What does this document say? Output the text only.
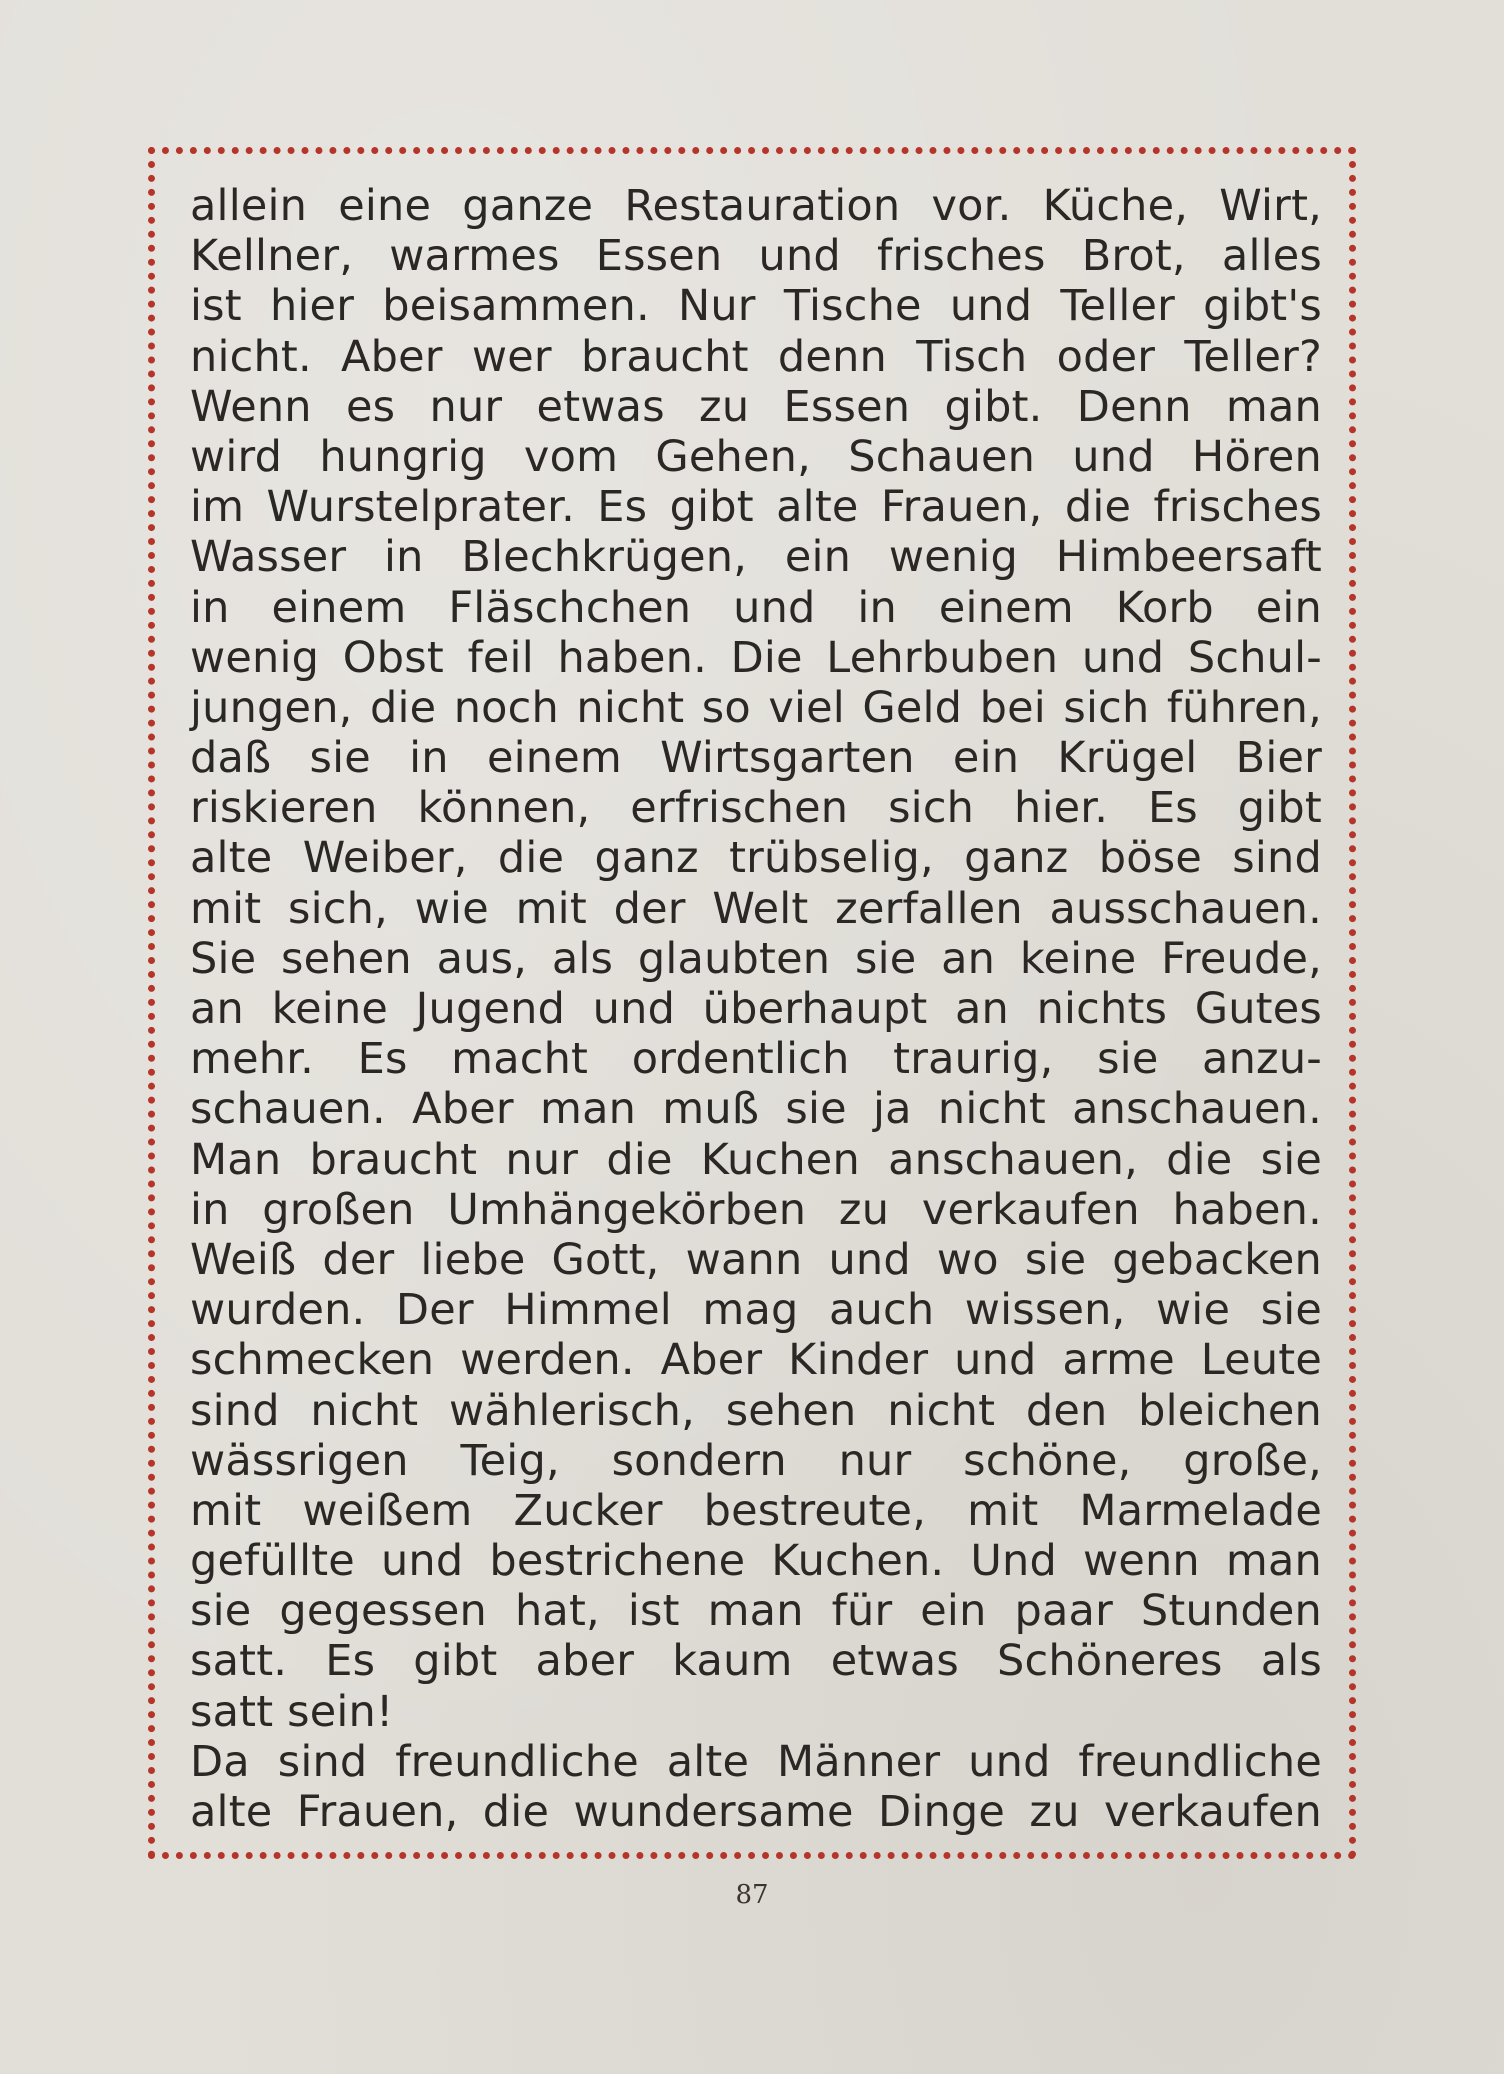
allein eine ganze Restauration vor. Küche, Wirt,
Kellner, warmes Essen und frisches Brot, alles
ist hier beisammen. Nur Tische und Teller gibt's
nicht. Aber wer braucht denn Tisch oder Teller?
Wenn es nur etwas zu Essen gibt. Denn man
wird hungrig vom Gehen, Schauen und Hören
im Wurstelprater. Es gibt alte Frauen, die frisches
Wasser in Blechkrügen, ein wenig Himbeersaft
in einem Fläschchen und in einem Korb ein
wenig Obst feil haben. Die Lehrbuben und Schul-
jungen, die noch nicht so viel Geld bei sich führen,
daß sie in einem Wirtsgarten ein Krügel Bier
riskieren können, erfrischen sich hier. Es gibt
alte Weiber, die ganz trübselig, ganz böse sind
mit sich, wie mit der Welt zerfallen ausschauen.
Sie sehen aus, als glaubten sie an keine Freude,
an keine Jugend und überhaupt an nichts Gutes
mehr. Es macht ordentlich traurig, sie anzu-
schauen. Aber man muß sie ja nicht anschauen.
Man braucht nur die Kuchen anschauen, die sie
in großen Umhängekörben zu verkaufen haben.
Weiß der liebe Gott, wann und wo sie gebacken
wurden. Der Himmel mag auch wissen, wie sie
schmecken werden. Aber Kinder und arme Leute
sind nicht wählerisch, sehen nicht den bleichen
wässrigen Teig, sondern nur schöne, große,
mit weißem Zucker bestreute, mit Marmelade
gefüllte und bestrichene Kuchen. Und wenn man
sie gegessen hat, ist man für ein paar Stunden
satt. Es gibt aber kaum etwas Schöneres als
satt sein!
Da sind freundliche alte Männer und freundliche
alte Frauen, die wundersame Dinge zu verkaufen
87
